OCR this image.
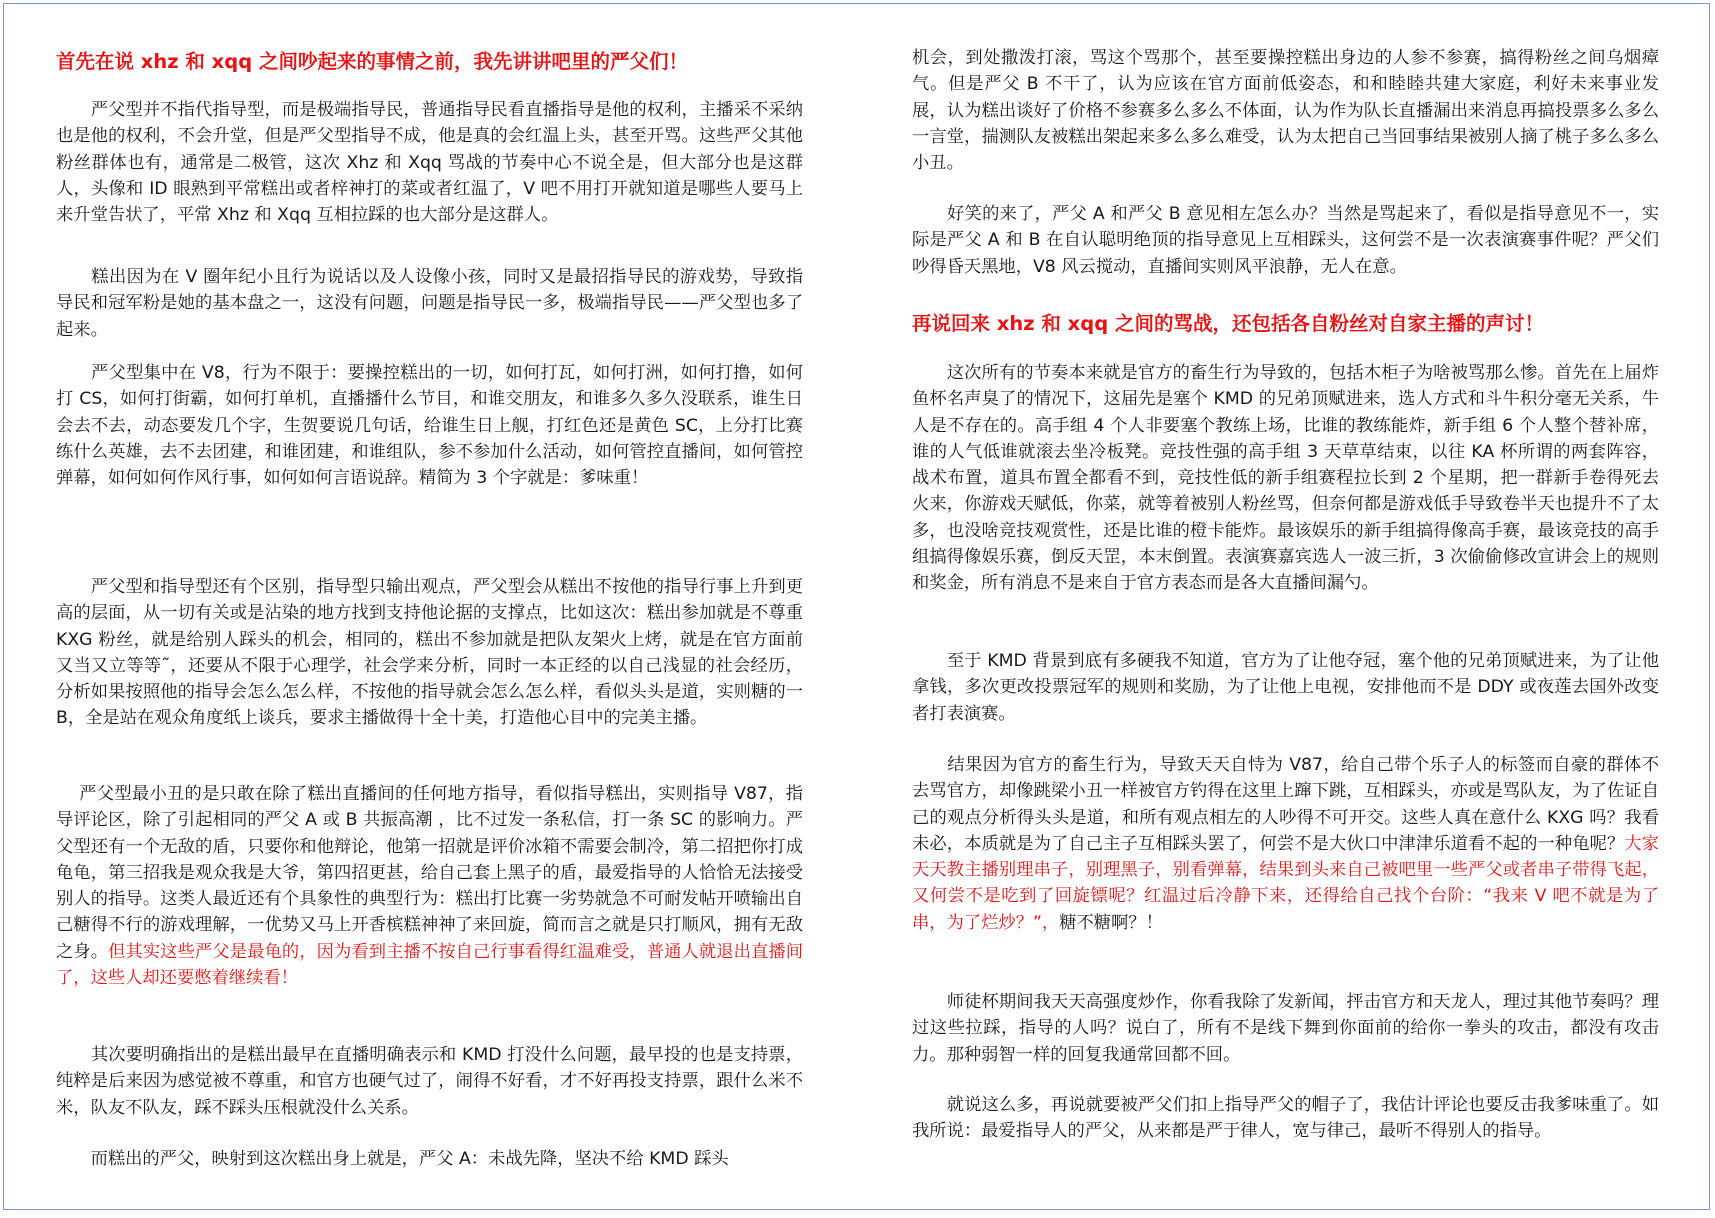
首先在说 xhz 和 xqq 之间吵起来的事情之前，我先讲讲吧里的严父们！

　　严父型并不指代指导型，而是极端指导民，普通指导民看直播指导是他的权利，主播采不采纳也是他的权利，不会升堂，但是严父型指导不成，他是真的会红温上头，甚至开骂。这些严父其他粉丝群体也有，通常是二极管，这次 Xhz 和 Xqq 骂战的节奏中心不说全是，但大部分也是这群人，头像和 ID 眼熟到平常糕出或者梓神打的菜或者红温了，V 吧不用打开就知道是哪些人要马上来升堂告状了，平常 Xhz 和 Xqq 互相拉踩的也大部分是这群人。

　　糕出因为在 V 圈年纪小且行为说话以及人设像小孩，同时又是最招指导民的游戏势，导致指导民和冠军粉是她的基本盘之一，这没有问题，问题是指导民一多，极端指导民——严父型也多了起来。

　　严父型集中在 V8，行为不限于：要操控糕出的一切，如何打瓦，如何打洲，如何打撸，如何打 CS，如何打街霸，如何打单机，直播播什么节目，和谁交朋友，和谁多久多久没联系，谁生日会去不去，动态要发几个字，生贺要说几句话，给谁生日上舰，打红色还是黄色 SC，上分打比赛练什么英雄，去不去团建，和谁团建，和谁组队，参不参加什么活动，如何管控直播间，如何管控弹幕，如何如何作风行事，如何如何言语说辞。精简为 3 个字就是：爹味重！

　　严父型和指导型还有个区别，指导型只输出观点，严父型会从糕出不按他的指导行事上升到更高的层面，从一切有关或是沾染的地方找到支持他论据的支撑点，比如这次：糕出参加就是不尊重 KXG 粉丝，就是给别人踩头的机会，相同的，糕出不参加就是把队友架火上烤，就是在官方面前又当又立等等˜，还要从不限于心理学，社会学来分析，同时一本正经的以自己浅显的社会经历，分析如果按照他的指导会怎么怎么样，不按他的指导就会怎么怎么样，看似头头是道，实则糖的一 B，全是站在观众角度纸上谈兵，要求主播做得十全十美，打造他心目中的完美主播。

　 严父型最小丑的是只敢在除了糕出直播间的任何地方指导，看似指导糕出，实则指导 V87，指导评论区，除了引起相同的严父 A 或 B 共振高潮 ，比不过发一条私信，打一条 SC 的影响力。严父型还有一个无敌的盾，只要你和他辩论，他第一招就是评价冰箱不需要会制冷，第二招把你打成龟龟，第三招我是观众我是大爷，第四招更甚，给自己套上黑子的盾，最爱指导的人恰恰无法接受别人的指导。这类人最近还有个具象性的典型行为：糕出打比赛一劣势就急不可耐发帖开喷输出自己糖得不行的游戏理解，一优势又马上开香槟糕神神了来回旋，简而言之就是只打顺风，拥有无敌之身。但其实这些严父是最龟的，因为看到主播不按自己行事看得红温难受，普通人就退出直播间了，这些人却还要憋着继续看！

　　其次要明确指出的是糕出最早在直播明确表示和 KMD 打没什么问题，最早投的也是支持票，纯粹是后来因为感觉被不尊重，和官方也硬气过了，闹得不好看，才不好再投支持票，跟什么米不米，队友不队友，踩不踩头压根就没什么关系。

　　而糕出的严父，映射到这次糕出身上就是，严父 A：未战先降，坚决不给 KMD 踩头

机会，到处撒泼打滚，骂这个骂那个，甚至要操控糕出身边的人参不参赛，搞得粉丝之间乌烟瘴气。但是严父 B 不干了，认为应该在官方面前低姿态，和和睦睦共建大家庭，利好未来事业发展，认为糕出谈好了价格不参赛多么多么不体面，认为作为队长直播漏出来消息再搞投票多么多么一言堂，揣测队友被糕出架起来多么多么难受，认为太把自己当回事结果被别人摘了桃子多么多么小丑。

　　好笑的来了，严父 A 和严父 B 意见相左怎么办？当然是骂起来了，看似是指导意见不一，实际是严父 A 和 B 在自认聪明绝顶的指导意见上互相踩头，这何尝不是一次表演赛事件呢？严父们吵得昏天黑地，V8 风云搅动，直播间实则风平浪静，无人在意。

再说回来 xhz 和 xqq 之间的骂战，还包括各自粉丝对自家主播的声讨！

　　这次所有的节奏本来就是官方的畜生行为导致的，包括木柜子为啥被骂那么惨。首先在上届炸鱼杯名声臭了的情况下，这届先是塞个 KMD 的兄弟顶赋进来，选人方式和斗牛积分毫无关系，牛人是不存在的。高手组 4 个人非要塞个教练上场，比谁的教练能炸，新手组 6 个人整个替补席，谁的人气低谁就滚去坐冷板凳。竞技性强的高手组 3 天草草结束，以往 KA 杯所谓的两套阵容，战术布置，道具布置全都看不到，竞技性低的新手组赛程拉长到 2 个星期，把一群新手卷得死去火来，你游戏天赋低，你菜，就等着被别人粉丝骂，但奈何都是游戏低手导致卷半天也提升不了太多，也没啥竞技观赏性，还是比谁的橙卡能炸。最该娱乐的新手组搞得像高手赛，最该竞技的高手组搞得像娱乐赛，倒反天罡，本末倒置。表演赛嘉宾选人一波三折，3 次偷偷修改宣讲会上的规则和奖金，所有消息不是来自于官方表态而是各大直播间漏勺。

　　至于 KMD 背景到底有多硬我不知道，官方为了让他夺冠，塞个他的兄弟顶赋进来，为了让他拿钱，多次更改投票冠军的规则和奖励，为了让他上电视，安排他而不是 DDY 或夜莲去国外改变者打表演赛。

　　结果因为官方的畜生行为，导致天天自恃为 V87，给自己带个乐子人的标签而自豪的群体不去骂官方，却像跳梁小丑一样被官方钓得在这里上蹿下跳，互相踩头，亦或是骂队友，为了佐证自己的观点分析得头头是道，和所有观点相左的人吵得不可开交。这些人真在意什么 KXG 吗？我看未必，本质就是为了自己主子互相踩头罢了，何尝不是大伙口中津津乐道看不起的一种龟呢？大家天天教主播别理串子，别理黑子，别看弹幕，结果到头来自己被吧里一些严父或者串子带得飞起，又何尝不是吃到了回旋镖呢？红温过后冷静下来，还得给自己找个台阶：“我来 V 吧不就是为了串，为了烂炒？”，糖不糖啊？！

　　师徒杯期间我天天高强度炒作，你看我除了发新闻，抨击官方和天龙人，理过其他节奏吗？理过这些拉踩，指导的人吗？说白了，所有不是线下舞到你面前的给你一拳头的攻击，都没有攻击力。那种弱智一样的回复我通常回都不回。

　　就说这么多，再说就要被严父们扣上指导严父的帽子了，我估计评论也要反击我爹味重了。如我所说：最爱指导人的严父，从来都是严于律人，宽与律己，最听不得别人的指导。
